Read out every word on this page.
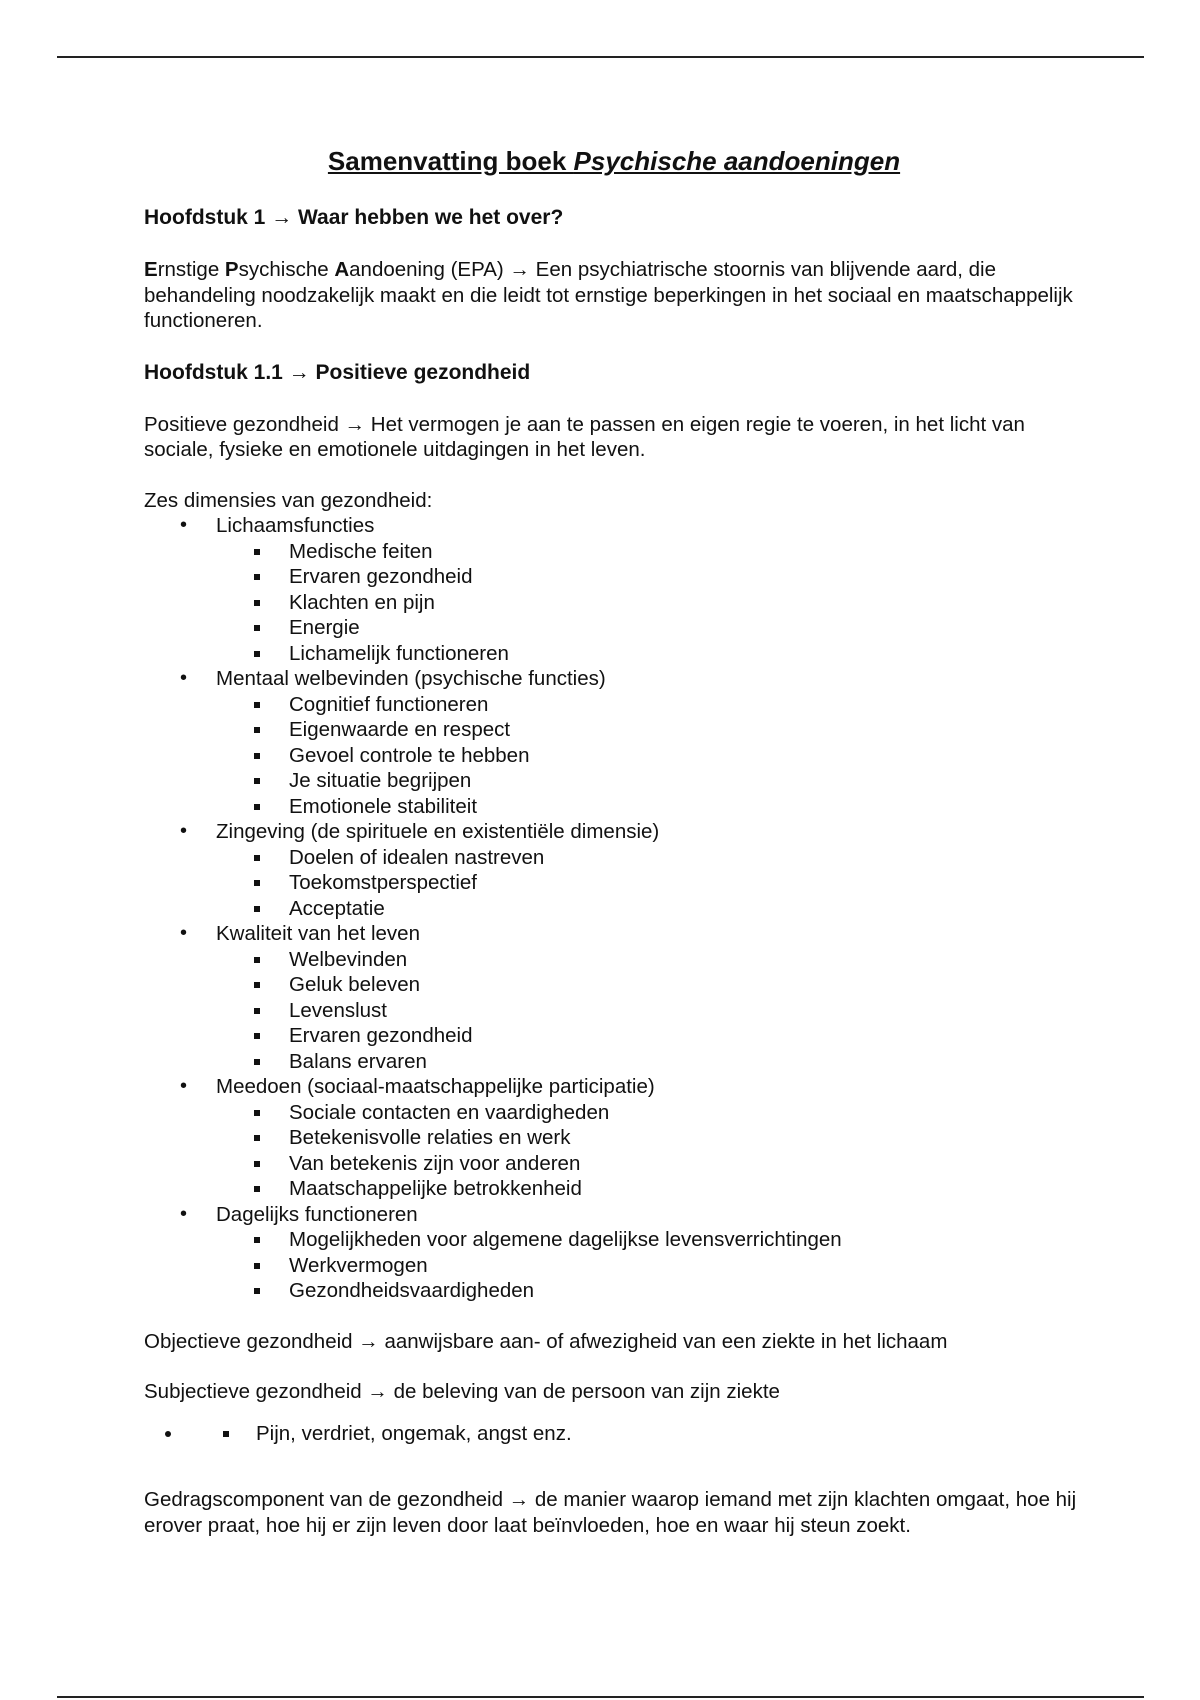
Samenvatting boek Psychische aandoeningen

Hoofdstuk 1 → Waar hebben we het over?

Ernstige Psychische Aandoening (EPA) → Een psychiatrische stoornis van blijvende aard, die behandeling noodzakelijk maakt en die leidt tot ernstige beperkingen in het sociaal en maatschappelijk functioneren.

Hoofdstuk 1.1 → Positieve gezondheid

Positieve gezondheid → Het vermogen je aan te passen en eigen regie te voeren, in het licht van sociale, fysieke en emotionele uitdagingen in het leven.

Zes dimensies van gezondheid:

• Lichaamsfuncties
Medische feiten
Ervaren gezondheid
Klachten en pijn
Energie
Lichamelijk functioneren
• Mentaal welbevinden (psychische functies)
Cognitief functioneren
Eigenwaarde en respect
Gevoel controle te hebben
Je situatie begrijpen
Emotionele stabiliteit
• Zingeving (de spirituele en existentiële dimensie)
Doelen of idealen nastreven
Toekomstperspectief
Acceptatie
• Kwaliteit van het leven
Welbevinden
Geluk beleven
Levenslust
Ervaren gezondheid
Balans ervaren
• Meedoen (sociaal-maatschappelijke participatie)
Sociale contacten en vaardigheden
Betekenisvolle relaties en werk
Van betekenis zijn voor anderen
Maatschappelijke betrokkenheid
• Dagelijks functioneren
Mogelijkheden voor algemene dagelijkse levensverrichtingen
Werkvermogen
Gezondheidsvaardigheden

Objectieve gezondheid → aanwijsbare aan- of afwezigheid van een ziekte in het lichaam

Subjectieve gezondheid → de beleving van de persoon van zijn ziekte

• Pijn, verdriet, ongemak, angst enz.

Gedragscomponent van de gezondheid → de manier waarop iemand met zijn klachten omgaat, hoe hij erover praat, hoe hij er zijn leven door laat beïnvloeden, hoe en waar hij steun zoekt.
